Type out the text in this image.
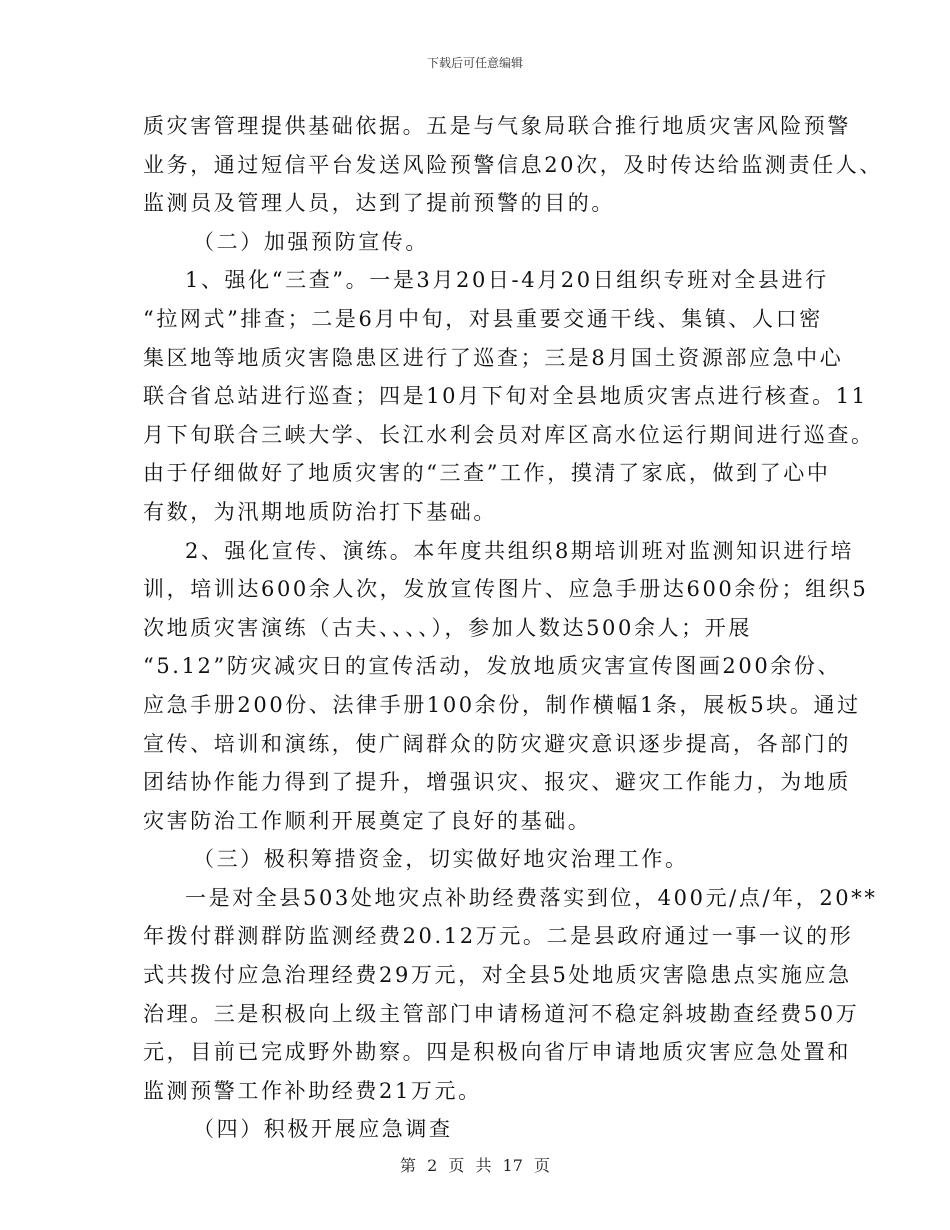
下载后可任意编辑
质灾害管理提供基础依据。五是与气象局联合推行地质灾害风险预警
业务，通过短信平台发送风险预警信息20次，及时传达给监测责任人、
监测员及管理人员，达到了提前预警的目的。
（二）加强预防宣传。
1、强化“三查”。一是3月20日-4月20日组织专班对全县进行
“拉网式”排查；二是6月中旬，对县重要交通干线、集镇、人口密
集区地等地质灾害隐患区进行了巡查；三是8月国土资源部应急中心
联合省总站进行巡查；四是10月下旬对全县地质灾害点进行核查。11
月下旬联合三峡大学、长江水利会员对库区高水位运行期间进行巡查。
由于仔细做好了地质灾害的“三查”工作，摸清了家底，做到了心中
有数，为汛期地质防治打下基础。
2、强化宣传、演练。本年度共组织8期培训班对监测知识进行培
训，培训达600余人次，发放宣传图片、应急手册达600余份；组织5
次地质灾害演练（古夫、、、、），参加人数达500余人；开展
“5.12”防灾减灾日的宣传活动，发放地质灾害宣传图画200余份、
应急手册200份、法律手册100余份，制作横幅1条，展板5块。通过
宣传、培训和演练，使广阔群众的防灾避灾意识逐步提高，各部门的
团结协作能力得到了提升，增强识灾、报灾、避灾工作能力，为地质
灾害防治工作顺利开展奠定了良好的基础。
（三）极积筹措资金，切实做好地灾治理工作。
一是对全县503处地灾点补助经费落实到位，400元/点/年，20**
年拨付群测群防监测经费20.12万元。二是县政府通过一事一议的形
式共拨付应急治理经费29万元，对全县5处地质灾害隐患点实施应急
治理。三是积极向上级主管部门申请杨道河不稳定斜坡勘查经费50万
元，目前已完成野外勘察。四是积极向省厅申请地质灾害应急处置和
监测预警工作补助经费21万元。
（四）积极开展应急调查
第 2 页 共 17 页
